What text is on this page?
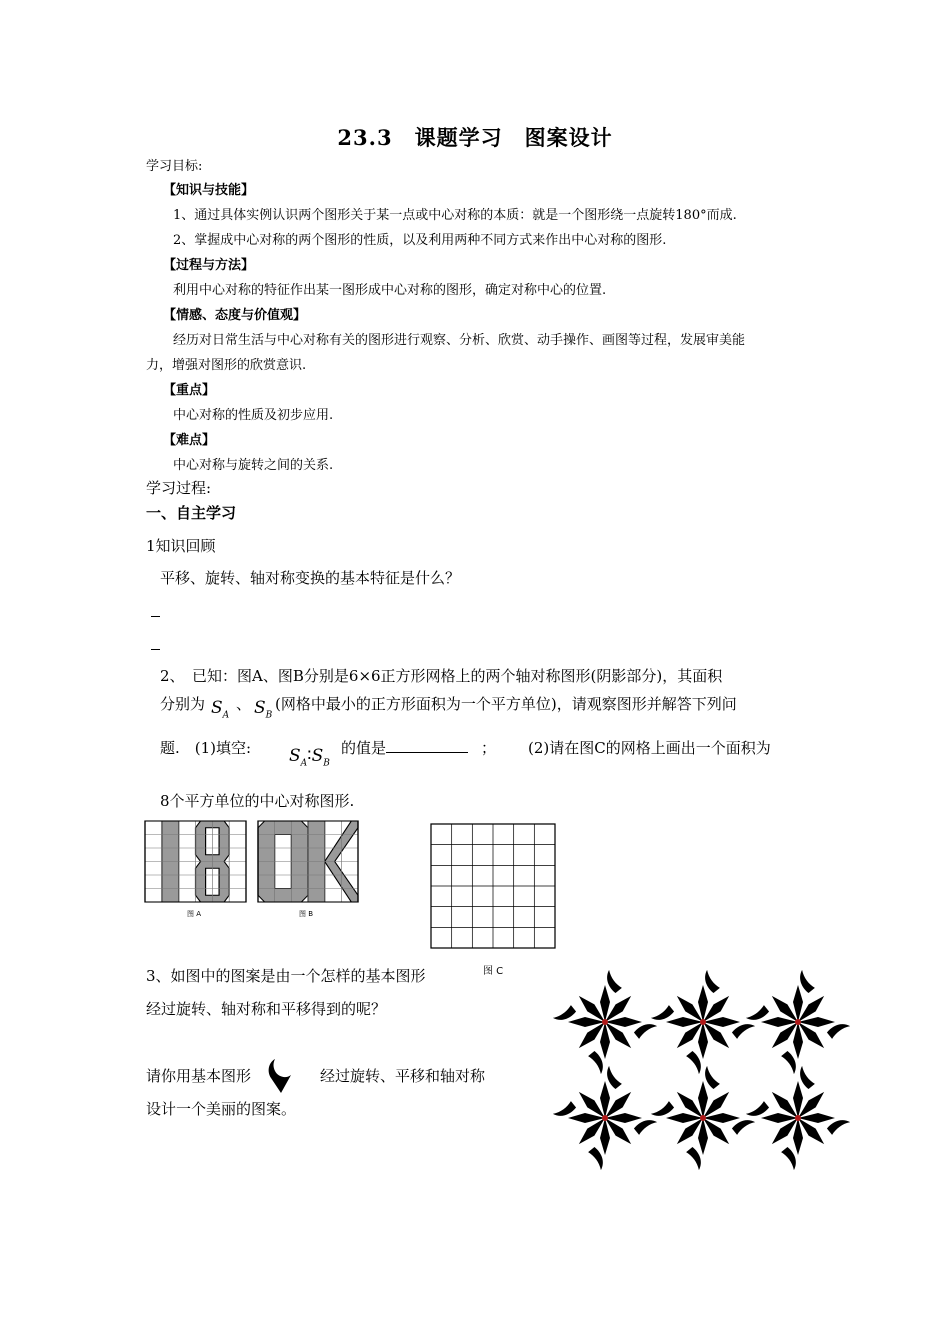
23.3　课题学习　图案设计
学习目标:
【知识与技能】
1、通过具体实例认识两个图形关于某一点或中心对称的本质：就是一个图形绕一点旋转180°而成.
2、掌握成中心对称的两个图形的性质，以及利用两种不同方式来作出中心对称的图形.
【过程与方法】
利用中心对称的特征作出某一图形成中心对称的图形，确定对称中心的位置.
【情感、态度与价值观】
经历对日常生活与中心对称有关的图形进行观察、分析、欣赏、动手操作、画图等过程，发展审美能
力，增强对图形的欣赏意识.
【重点】
中心对称的性质及初步应用.
【难点】
中心对称与旋转之间的关系.
学习过程:
一、自主学习
1知识回顾
平移、旋转、轴对称变换的基本特征是什么？
2、　已知：图A、图B分别是6×6正方形网格上的两个轴对称图形(阴影部分)，其面积
分别为 $S_A$
、 $S_B$
(网格中最小的正方形面积为一个平方单位)，请观察图形并解答下列问
题.　(1)填空: $S_A∶S_B$
的值是	； (2)请在图C的网格上画出一个面积为
8个平方单位的中心对称图形.
图 A	图 B
图 C
3、如图中的图案是由一个怎样的基本图形
经过旋转、轴对称和平移得到的呢？
请你用基本图形	经过旋转、平移和轴对称
设计一个美丽的图案。
